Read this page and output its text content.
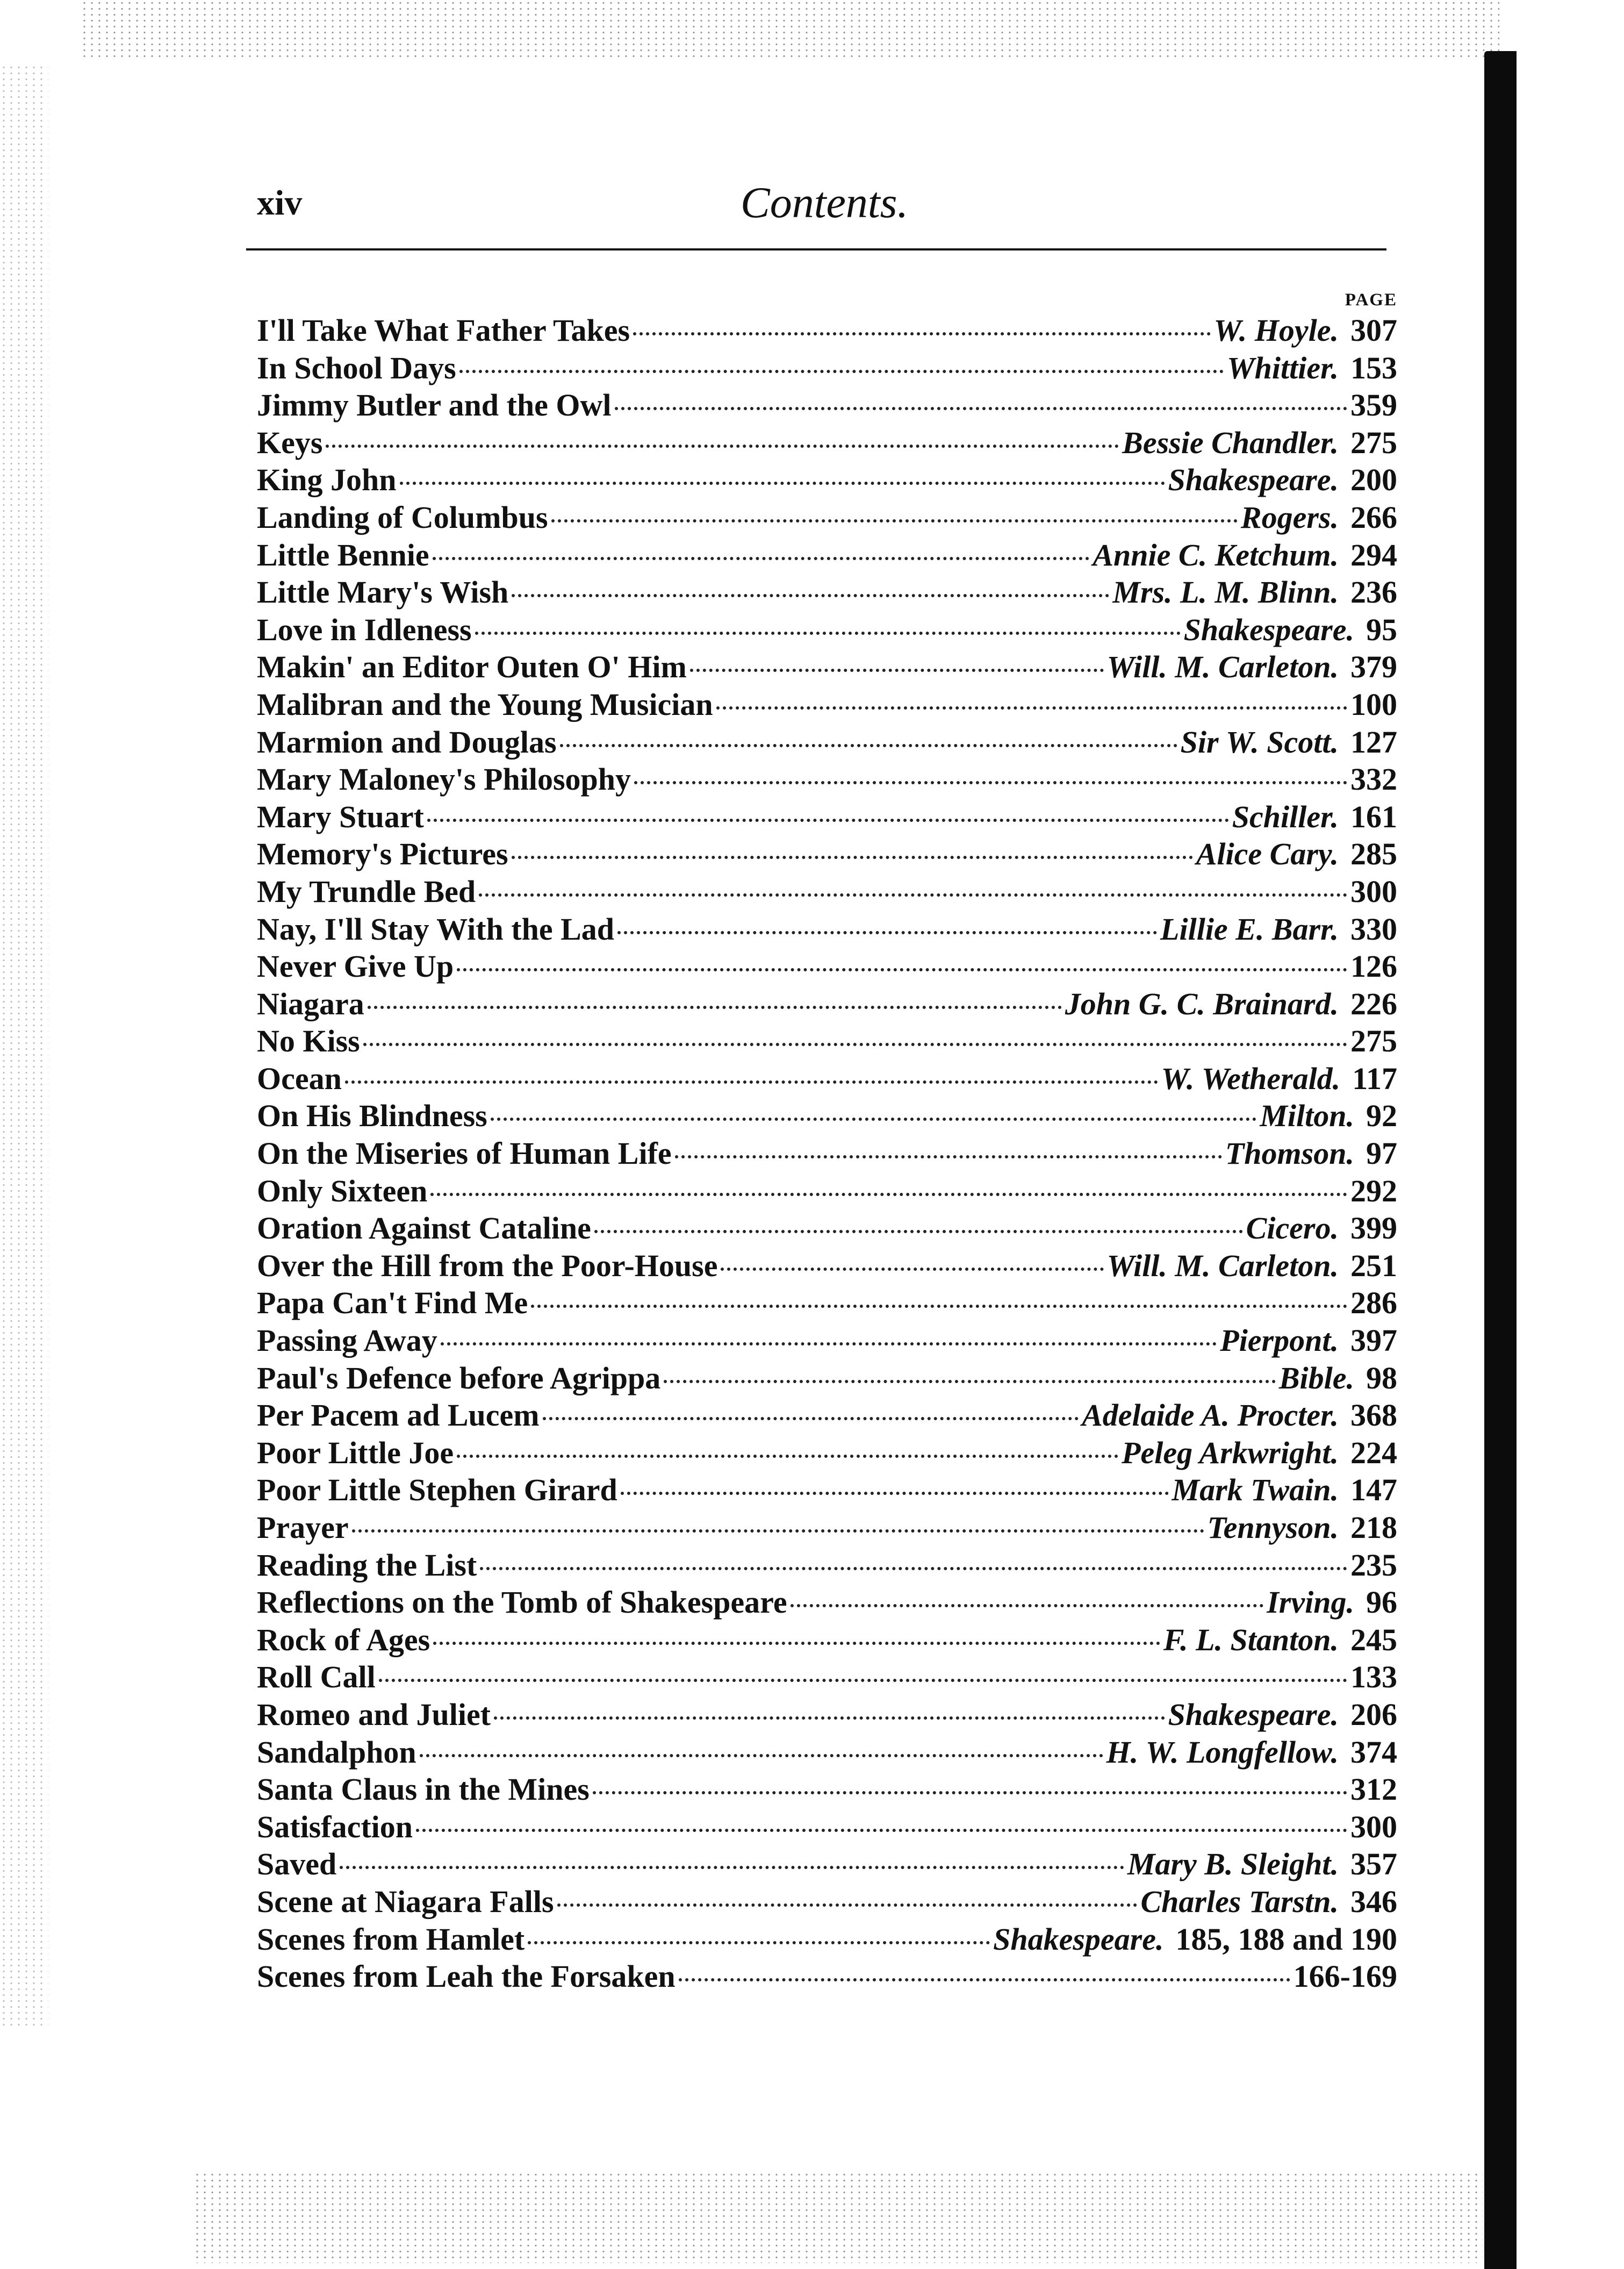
xiv	Contents.
PAGE
I'll Take What Father Takes	W. Hoyle. 307
In School Days	Whittier. 153
Jimmy Butler and the Owl	359
Keys	Bessie Chandler. 275
King John	Shakespeare. 200
Landing of Columbus	Rogers. 266
Little Bennie	Annie C. Ketchum. 294
Little Mary's Wish	Mrs. L. M. Blinn. 236
Love in Idleness	Shakespeare. 95
Makin' an Editor Outen O' Him	Will. M. Carleton. 379
Malibran and the Young Musician	100
Marmion and Douglas	Sir W. Scott. 127
Mary Maloney's Philosophy	332
Mary Stuart	Schiller. 161
Memory's Pictures	Alice Cary. 285
My Trundle Bed	300
Nay, I'll Stay With the Lad	Lillie E. Barr. 330
Never Give Up	126
Niagara	John G. C. Brainard. 226
No Kiss	275
Ocean	W. Wetherald. 117
On His Blindness	Milton. 92
On the Miseries of Human Life	Thomson. 97
Only Sixteen	292
Oration Against Cataline	Cicero. 399
Over the Hill from the Poor-House	Will. M. Carleton. 251
Papa Can't Find Me	286
Passing Away	Pierpont. 397
Paul's Defence before Agrippa	Bible. 98
Per Pacem ad Lucem	Adelaide A. Procter. 368
Poor Little Joe	Peleg Arkwright. 224
Poor Little Stephen Girard	Mark Twain. 147
Prayer	Tennyson. 218
Reading the List	235
Reflections on the Tomb of Shakespeare	Irving. 96
Rock of Ages	F. L. Stanton. 245
Roll Call	133
Romeo and Juliet	Shakespeare. 206
Sandalphon	H. W. Longfellow. 374
Santa Claus in the Mines	312
Satisfaction	300
Saved	Mary B. Sleight. 357
Scene at Niagara Falls	Charles Tarstn. 346
Scenes from Hamlet	Shakespeare. 185, 188 and 190
Scenes from Leah the Forsaken	166-169
